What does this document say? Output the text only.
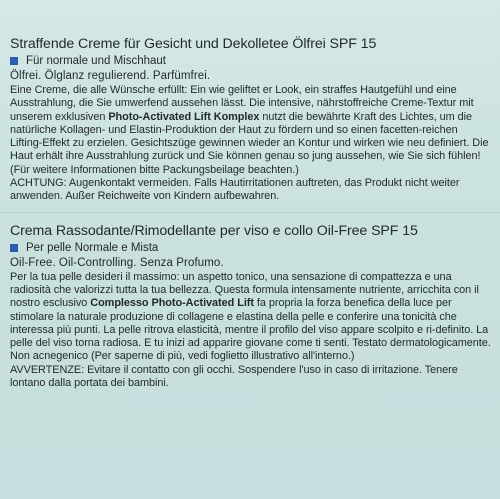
Straffende Creme für Gesicht und Dekolletee Ölfrei SPF 15
Für normale und Mischhaut
Ölfrei. Ölglanz regulierend. Parfümfrei.

Eine Creme, die alle Wünsche erfüllt: Ein wie geliftet er Look, ein straffes Hautgefühl und eine Ausstrahlung, die Sie umwerfend aussehen lässt. Die intensive, nährstoffreiche Creme-Textur mit unserem exklusiven Photo-Activated Lift Komplex nutzt die bewährte Kraft des Lichtes, um die natürliche Kollagen- und Elastin-Produktion der Haut zu fördern und so einen facetten-reichen Lifting-Effekt zu erzielen. Gesichtszüge gewinnen wieder an Kontur und wirken wie neu definiert. Die Haut erhält ihre Ausstrahlung zurück und Sie können genau so jung aussehen, wie Sie sich fühlen! (Für weitere Informationen bitte Packungsbeilage beachten.)

ACHTUNG: Augenkontakt vermeiden. Falls Hautirritationen auftreten, das Produkt nicht weiter anwenden. Außer Reichweite von Kindern aufbewahren.

Crema Rassodante/Rimodellante per viso e collo Oil-Free SPF 15
Per pelle Normale e Mista
Oil-Free. Oil-Controlling. Senza Profumo.

Per la tua pelle desideri il massimo: un aspetto tonico, una sensazione di compattezza e una radiosità che valorizzi tutta la tua bellezza. Questa formula intensamente nutriente, arricchita con il nostro esclusivo Complesso Photo-Activated Lift fa propria la forza benefica della luce per stimolare la naturale produzione di collagene e elastina della pelle e conferire una tonicità che interessa più punti. La pelle ritrova elasticità, mentre il profilo del viso appare scolpito e ri-definito. La pelle del viso torna radiosa. E tu inizi ad apparire giovane come ti senti. Testato dermatologicamente. Non acnegenico (Per saperne di più, vedi foglietto illustrativo all'interno.)

AVVERTENZE: Evitare il contatto con gli occhi. Sospendere l'uso in caso di irritazione. Tenere lontano dalla portata dei bambini.
